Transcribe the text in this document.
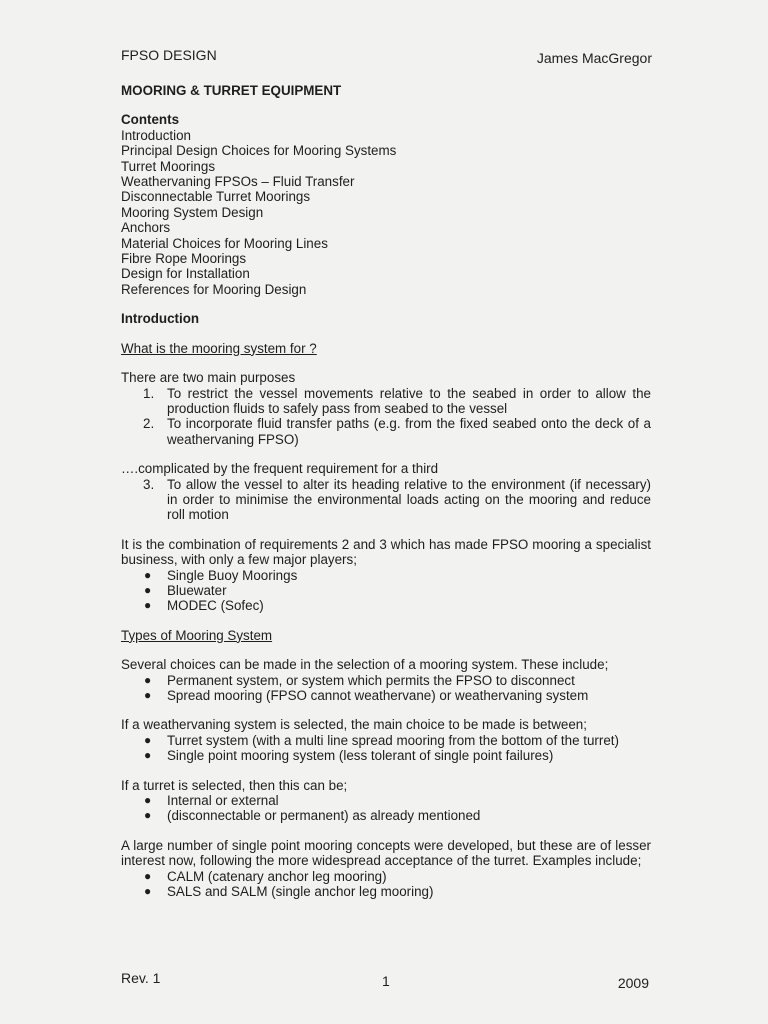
FPSO DESIGN	James MacGregor

MOORING & TURRET EQUIPMENT

Contents

Introduction

Principal Design Choices for Mooring Systems

Turret Moorings

Weathervaning FPSOs – Fluid Transfer

Disconnectable Turret Moorings

Mooring System Design

Anchors

Material Choices for Mooring Lines

Fibre Rope Moorings

Design for Installation

References for Mooring Design

Introduction

What is the mooring system for ?

There are two main purposes

1. To restrict the vessel movements relative to the seabed in order to allow the production fluids to safely pass from seabed to the vessel
2. To incorporate fluid transfer paths (e.g. from the fixed seabed onto the deck of a weathervaning FPSO)

….complicated by the frequent requirement for a third

3. To allow the vessel to alter its heading relative to the environment (if necessary) in order to minimise the environmental loads acting on the mooring and reduce roll motion

It is the combination of requirements 2 and 3 which has made FPSO mooring a specialist business, with only a few major players;

● Single Buoy Moorings
● Bluewater
● MODEC (Sofec)

Types of Mooring System

Several choices can be made in the selection of a mooring system. These include;

● Permanent system, or system which permits the FPSO to disconnect
● Spread mooring (FPSO cannot weathervane) or weathervaning system

If a weathervaning system is selected, the main choice to be made is between;

● Turret system (with a multi line spread mooring from the bottom of the turret)
● Single point mooring system (less tolerant of single point failures)

If a turret is selected, then this can be;

● Internal or external
● (disconnectable or permanent) as already mentioned

A large number of single point mooring concepts were developed, but these are of lesser interest now, following the more widespread acceptance of the turret. Examples include;

● CALM (catenary anchor leg mooring)
● SALS and SALM (single anchor leg mooring)
Rev. 1	1	2009
